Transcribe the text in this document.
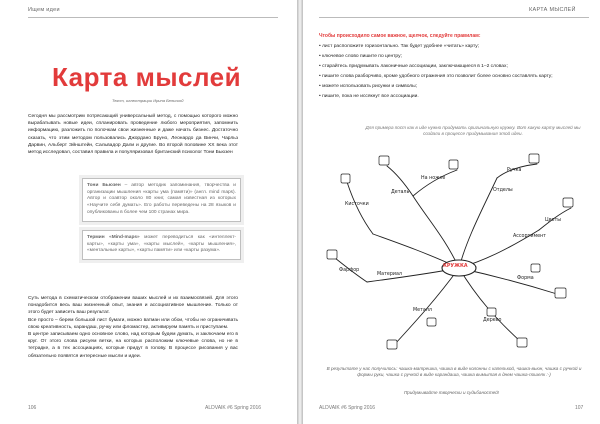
Ищем идеи
Карта мыслей
Текст, иллюстрации Ирина Бельской
Сегодня мы рассмотрим потрясающий универсальный метод, с помощью которого можно вырабатывать новые идеи, спланировать проведение любого мероприятия, запомнить информацию, разложить по полочкам свои жизненные и даже начать бизнес. Достаточно сказать, что этим методом пользовались Джордано Бруно, Леонардо да Винчи, Чарльз Дарвин, Альберт Эйнштейн, Сальвадор Дали и другие. Во второй половине XX века этот метод исследовал, составил правила и популяризовал британский психолог Тони Бьюзен

Тони Бьюзен – автор методик запоминания, творчества и организации мышления «карты ума (памяти)» (англ. mind maps). Автор и соавтор около 80 книг, самая известная из которых «Научите себя думать». Его работы переведены на 28 языков и опубликованы в более чем 100 странах мира.

Термин «Mind-maps» может переводиться как «интеллект-карты», «карты ума», «карты мыслей», «карты мышления», «ментальные карты», «карты памяти» или «карты разума».

Суть метода в схематическом отображении ваших мыслей и их взаимосвязей. Для этого понадобится весь ваш жизненный опыт, знания и ассоциативное мышление. Только от этого будет зависеть ваш результат.

Все просто – берем большой лист бумаги, можно ватман или обои, чтобы не ограничивать свою креативность, карандаш, ручку или фломастер, активируем память и приступаем.

В центре записываем одно основное слово, над которым будем думать, и заключаем его в круг. От этого слова рисуем ветки, на которых расположим ключевые слова, но не в тетрадке, а в тех ассоциациях, которые придут в голову. В процессе рисования у вас обязательно появятся интересные мысли и идеи.

106	ALDVAIK #6 Spring 2016
КАРТА МЫСЛЕЙ
Чтобы происходило самое важное, щелчок, следуйте правилам:
• лист расположите горизонтально. Так будет удобнее «читать» карту;
• ключевое слово пишите по центру;
• старайтесь придумывать лаконичные ассоциации, заключающиеся в 1–2 словах;
• пишите слова разборчиво, кроме удобного отражения это позволит более основно составлять карту;
• можете использовать рисунки и символы;
• пишите, пока не иссякнут все ассоциации.
Для примера пост как в иде нужно придумать оригинальную кружку. Вот какую карту мыслей мы создали в процессе придумывания этой идеи.
КРУЖКА
Деталь
На ножке
Отделы
Ручка
Ассортимент
Цветы
Форма
Кисточки
Материал
Металл
Дерево
Фарфор
В результате у нас получилось: чашка-матрешка, чашка в виде колонны с капелькой, чашка-вьюн, чашка с ручкой и формы руки, чашка с ручкой в виде карандаша, чашка вымытая в днем чашка-пошелк :-)
Придумывайте творчески и судьбаностей!
ALDVAIK #6 Spring 2016	107
